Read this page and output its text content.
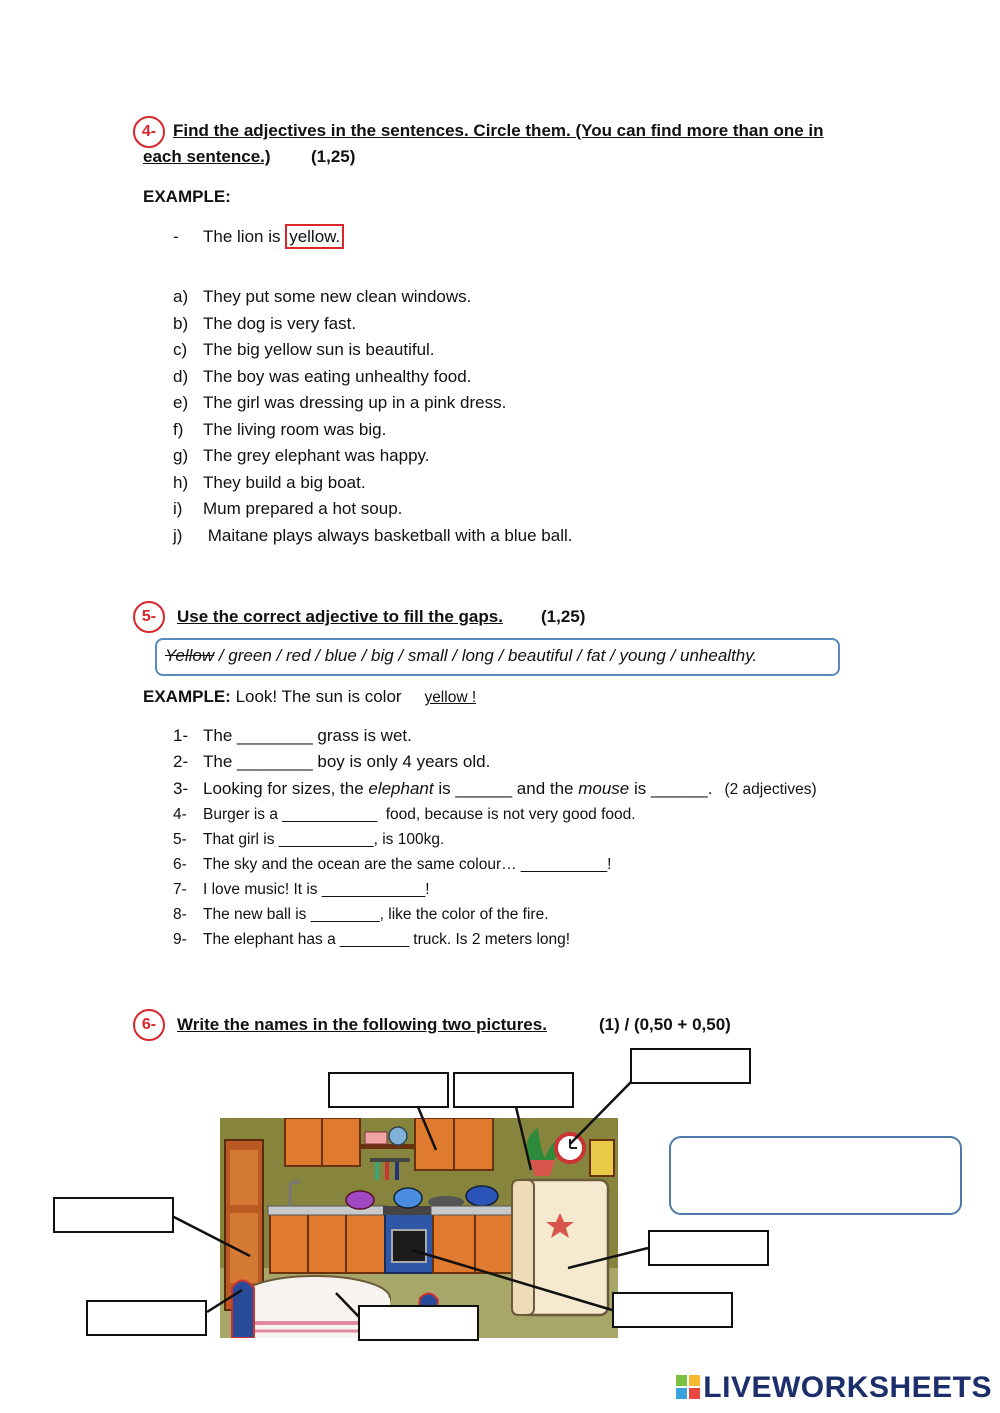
4- Find the adjectives in the sentences. Circle them. (You can find more than one in
each sentence.) (1,25)
EXAMPLE:
- The lion is yellow.
a) They put some new clean windows.
b) The dog is very fast.
c) The big yellow sun is beautiful.
d) The boy was eating unhealthy food.
e) The girl was dressing up in a pink dress.
f) The living room was big.
g) The grey elephant was happy.
h) They build a big boat.
i) Mum prepared a hot soup.
j) Maitane plays always basketball with a blue ball.
5-	Use the correct adjective to fill the gaps. (1,25)
Yellow / green / red / blue / big / small / long / beautiful / fat / young / unhealthy.
EXAMPLE: Look! The sun is color yellow !
1- The ________ grass is wet.
2- The ________ boy is only 4 years old.
3- Looking for sizes, the elephant is ______ and the mouse is ______. (2 adjectives)
4- Burger is a ___________  food, because is not very good food.
5- That girl is ___________, is 100kg.
6- The sky and the ocean are the same colour… __________!
7- I love music! It is ____________!
8- The new ball is ________, like the color of the fire.
9- The elephant has a ________ truck. Is 2 meters long!
6-	Write the names in the following two pictures.	(1) / (0,50 + 0,50)
LIVEWORKSHEETS
